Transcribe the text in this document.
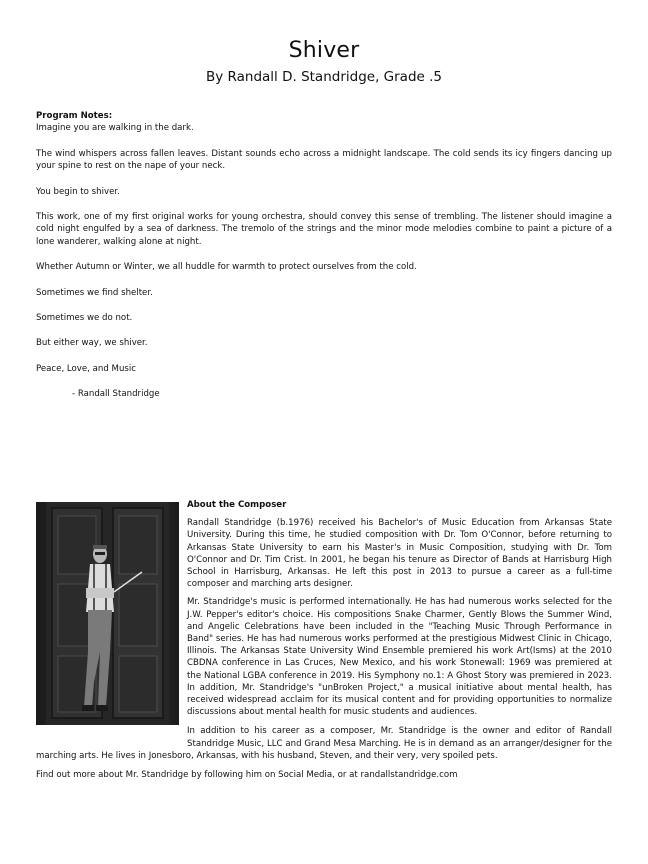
Shiver
By Randall D. Standridge, Grade .5

Program Notes:

Imagine you are walking in the dark.

The wind whispers across fallen leaves. Distant sounds echo across a midnight landscape. The cold sends its icy fingers dancing up your spine to rest on the nape of your neck.

You begin to shiver.

This work, one of my first original works for young orchestra, should convey this sense of trembling. The listener should imagine a cold night engulfed by a sea of darkness. The tremolo of the strings and the minor mode melodies combine to paint a picture of a lone wanderer, walking alone at night.

Whether Autumn or Winter, we all huddle for warmth to protect ourselves from the cold.

Sometimes we find shelter.

Sometimes we do not.

But either way, we shiver.

Peace, Love, and Music

- Randall Standridge

About the Composer

Randall Standridge (b.1976) received his Bachelor's of Music Education from Arkansas State University. During this time, he studied composition with Dr. Tom O'Connor, before returning to Arkansas State University to earn his Master's in Music Composition, studying with Dr. Tom O'Connor and Dr. Tim Crist. In 2001, he began his tenure as Director of Bands at Harrisburg High School in Harrisburg, Arkansas. He left this post in 2013 to pursue a career as a full-time composer and marching arts designer.

Mr. Standridge's music is performed internationally. He has had numerous works selected for the J.W. Pepper's editor's choice. His compositions Snake Charmer, Gently Blows the Summer Wind, and Angelic Celebrations have been included in the "Teaching Music Through Performance in Band" series. He has had numerous works performed at the prestigious Midwest Clinic in Chicago, Illinois. The Arkansas State University Wind Ensemble premiered his work Art(Isms) at the 2010 CBDNA conference in Las Cruces, New Mexico, and his work Stonewall: 1969 was premiered at the National LGBA conference in 2019. His Symphony no.1: A Ghost Story was premiered in 2023. In addition, Mr. Standridge's "unBroken Project," a musical initiative about mental health, has received widespread acclaim for its musical content and for providing opportunities to normalize discussions about mental health for music students and audiences.

In addition to his career as a composer, Mr. Standridge is the owner and editor of Randall Standridge Music, LLC and Grand Mesa Marching. He is in demand as an arranger/designer for the marching arts. He lives in Jonesboro, Arkansas, with his husband, Steven, and their very, very spoiled pets.

Find out more about Mr. Standridge by following him on Social Media, or at randallstandridge.com
